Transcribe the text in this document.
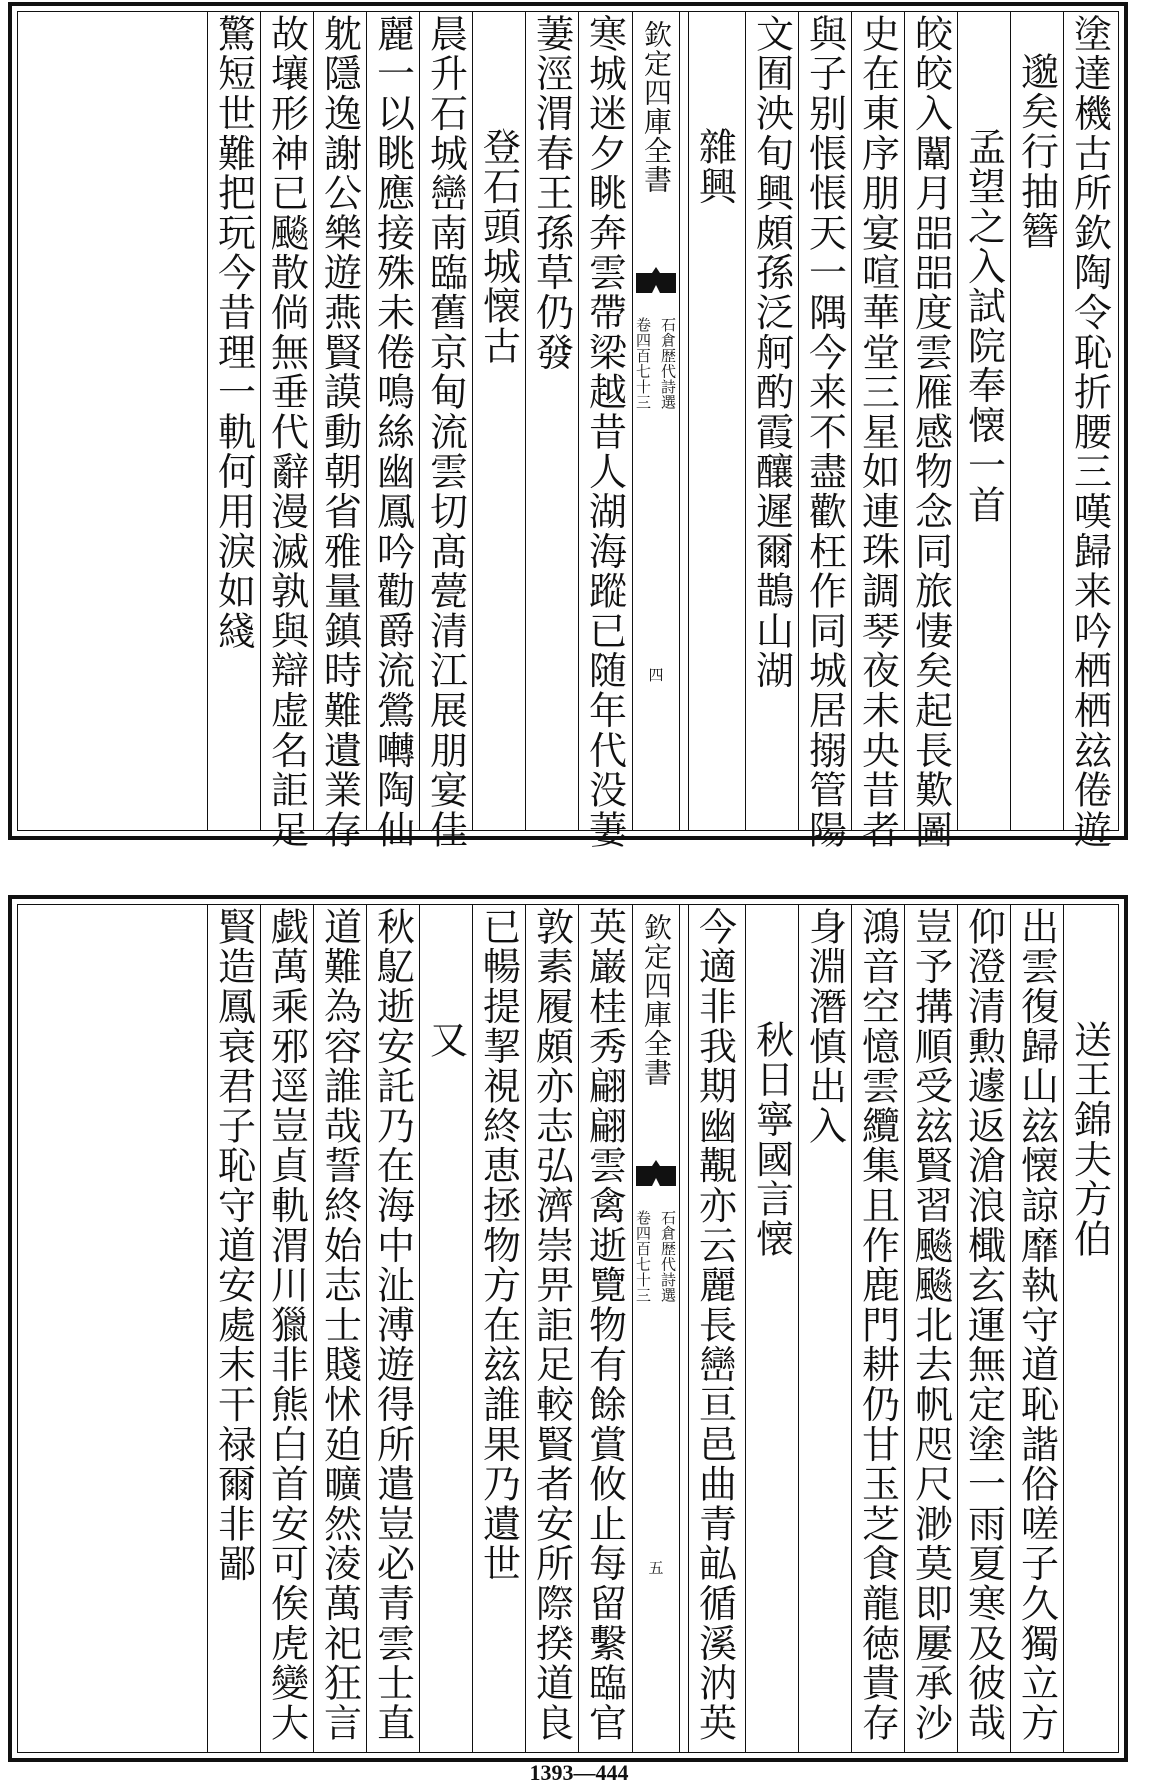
塗達機古所欽陶令恥折腰三嘆歸来吟栖栖玆倦遊
邈矣行抽簪
孟望之入試院奉懐一首
皎皎入闈月㗊㗊度雲雁感物念同旅悽矣起長歎圖
史在東序朋宴喧華堂三星如連珠調琴夜未央昔者
與子别悵悵天一隅今来不盡歡枉作同城居搦管陽
文囿泱旬興頗孫泛舸酌霞釀遲爾鵲山湖
雜興
欽定四庫全書
石倉歴代詩選
卷四百七十三
四
寒城迷夕眺奔雲帶梁越昔人湖海蹤已随年代没萋
萋涇渭春王孫草仍發
登石頭城懐古
晨升石城巒南臨舊京甸流雲切髙甍清江展朋宴佳
麗一以眺應接殊未倦鳴絲幽鳳吟勸爵流鶯囀陶仙
躭隱逸謝公樂遊燕賢謨動朝省雅量鎮時難遺業存
故壤形神已飈散倘無垂代辭漫滅孰與辯虚名詎足
驚短世難把玩今昔理一軌何用淚如綫
送王錦夫方伯
出雲復歸山玆懐諒靡執守道恥諧俗嗟子久獨立方
仰澄清勲遽返滄浪檝玄運無定塗一雨夏寒及彼哉
豈予搆順受玆賢習飈飈北去帆咫尺渺莫即屢承沙
鴻音空憶雲纜集且作鹿門耕仍甘玉芝食龍徳貴存
身淵潛慎出入
秋日寧國言懐
今適非我期幽覯亦云麗長巒亘邑曲青畆循溪汭英
欽定四庫全書
石倉歴代詩選
卷四百七十三
五
英巌桂秀翩翩雲禽逝覽物有餘賞攸止每留繫臨官
敦素履頗亦志弘濟崇畀詎足較賢者安所際揆道良
已暢提挈視終恵拯物方在玆誰果乃遺世
又
秋鳦逝安託乃在海中沚溥遊得所遣豈必青雲士直
道難為容誰哉誓終始志士賤怵廹曠然淩萬祀狂言
戯萬乘邪逕豈貞軌渭川獵非熊白首安可俟虎變大
賢造鳳衰君子恥守道安處末干禄爾非鄙
1393—444
